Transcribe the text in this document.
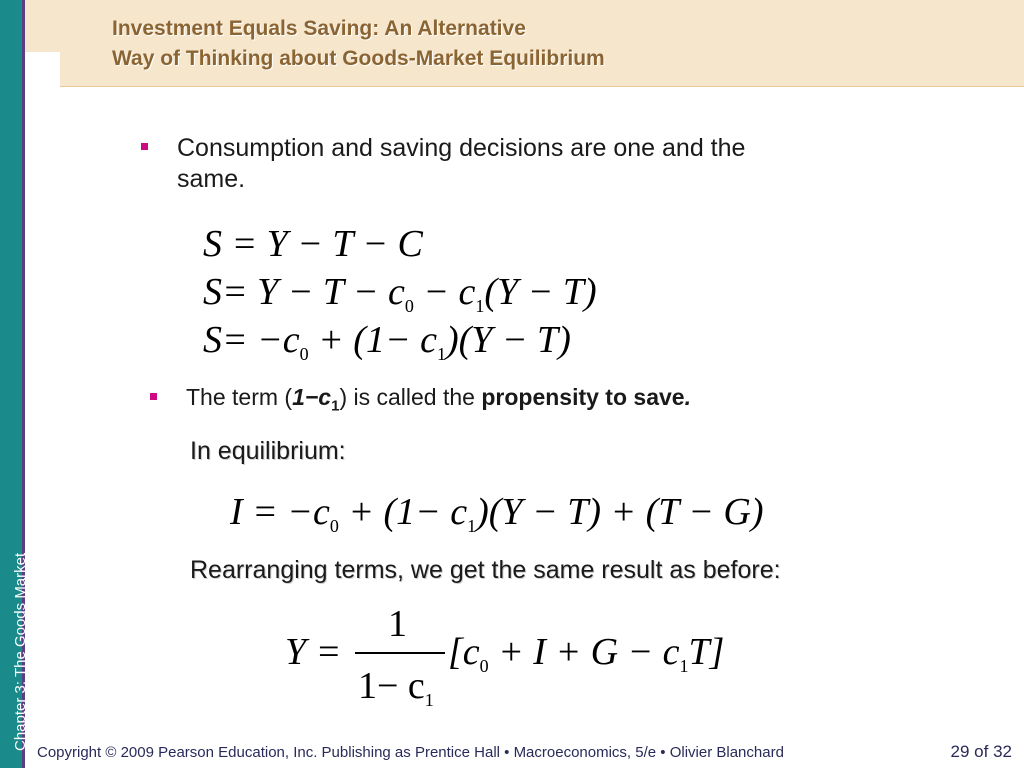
Chapter 3: The Goods Market
Investment Equals Saving: An Alternative
Way of Thinking about Goods-Market Equilibrium
Consumption and saving decisions are one and the
same.
S = Y − T − C
$S= Y - T - c_0 - c_1(Y - T)$
$S= -c_0 + (1- c_1)(Y - T)$
The term $(1-c_1)$ is called the propensity to save.
In equilibrium:
$I = -c_0 + (1- c_1)(Y - T) + (T - G)$
Rearranging terms, we get the same result as before:
Y =
1
$1- c_1$
$[c_0 + I + G - c_1T]$
Copyright © 2009 Pearson Education, Inc. Publishing as Prentice Hall • Macroeconomics, 5/e • Olivier Blanchard	29 of 32
